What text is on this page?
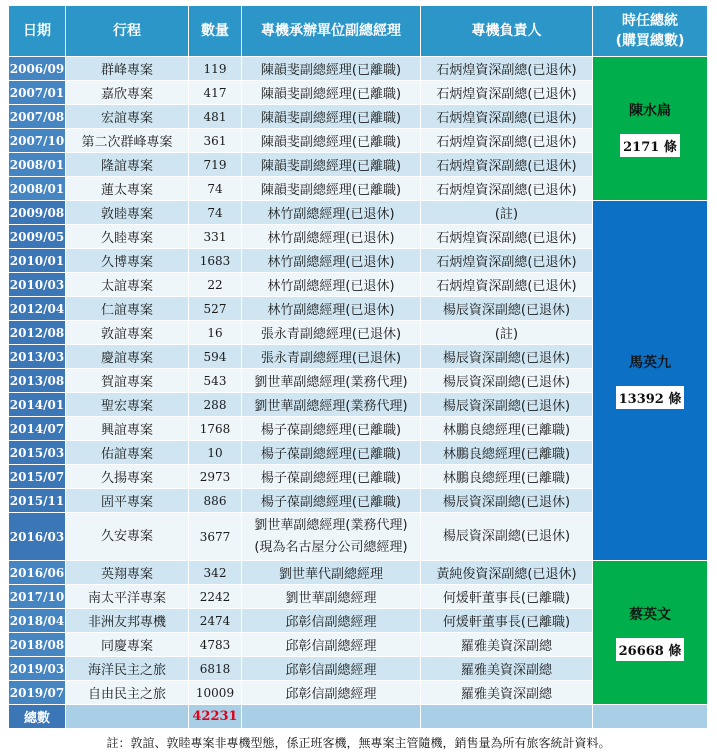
日期	行程	數量	專機承辦單位副總經理	專機負責人	時任總統
(購買總數)
2006/09	群峰專案	119	陳韻斐副總經理(已離職)	石炳煌資深副總(已退休)	陳水扁
2171 條
2007/01	嘉欣專案	417	陳韻斐副總經理(已離職)	石炳煌資深副總(已退休)	
2007/08	宏誼專案	481	陳韻斐副總經理(已離職)	石炳煌資深副總(已退休)	
2007/10	第二次群峰專案	361	陳韻斐副總經理(已離職)	石炳煌資深副總(已退休)	
2008/01	隆誼專案	719	陳韻斐副總經理(已離職)	石炳煌資深副總(已退休)	
2008/01	蓮太專案	74	陳韻斐副總經理(已離職)	石炳煌資深副總(已退休)	
2009/08	敦睦專案	74	林竹副總經理(已退休)	(註)	馬英九
13392 條
2009/05	久睦專案	331	林竹副總經理(已退休)	石炳煌資深副總(已退休)	
2010/01	久博專案	1683	林竹副總經理(已退休)	石炳煌資深副總(已退休)	
2010/03	太誼專案	22	林竹副總經理(已退休)	石炳煌資深副總(已退休)	
2012/04	仁誼專案	527	林竹副總經理(已退休)	楊辰資深副總(已退休)	
2012/08	敦誼專案	16	張永青副總經理(已退休)	(註)	
2013/03	慶誼專案	594	張永青副總經理(已退休)	楊辰資深副總(已退休)	
2013/08	賀誼專案	543	劉世華副總經理(業務代理)	楊辰資深副總(已退休)	
2014/01	聖宏專案	288	劉世華副總經理(業務代理)	楊辰資深副總(已退休)	
2014/07	興誼專案	1768	楊子葆副總經理(已離職)	林鵬良總經理(已離職)	
2015/03	佑誼專案	10	楊子葆副總經理(已離職)	林鵬良總經理(已離職)	
2015/07	久揚專案	2973	楊子葆副總經理(已離職)	林鵬良總經理(已離職)	
2015/11	固平專案	886	楊子葆副總經理(已離職)	楊辰資深副總(已退休)	
2016/03	久安專案	3677	劉世華副總經理(業務代理)
(現為名古屋分公司總經理)	楊辰資深副總(已退休)	
2016/06	英翔專案	342	劉世華代副總經理	黃純俊資深副總(已退休)	蔡英文
26668 條
2017/10	南太平洋專案	2242	劉世華副總經理	何煖軒董事長(已離職)	
2018/04	非洲友邦專機	2474	邱彰信副總經理	何煖軒董事長(已離職)	
2018/08	同慶專案	4783	邱彰信副總經理	羅雅美資深副總	
2019/03	海洋民主之旅	6818	邱彰信副總經理	羅雅美資深副總	
2019/07	自由民主之旅	10009	邱彰信副總經理	羅雅美資深副總	
總數		42231			
註：敦誼、敦睦專案非專機型態，係正班客機，無專案主管隨機，銷售量為所有旅客統計資料。
